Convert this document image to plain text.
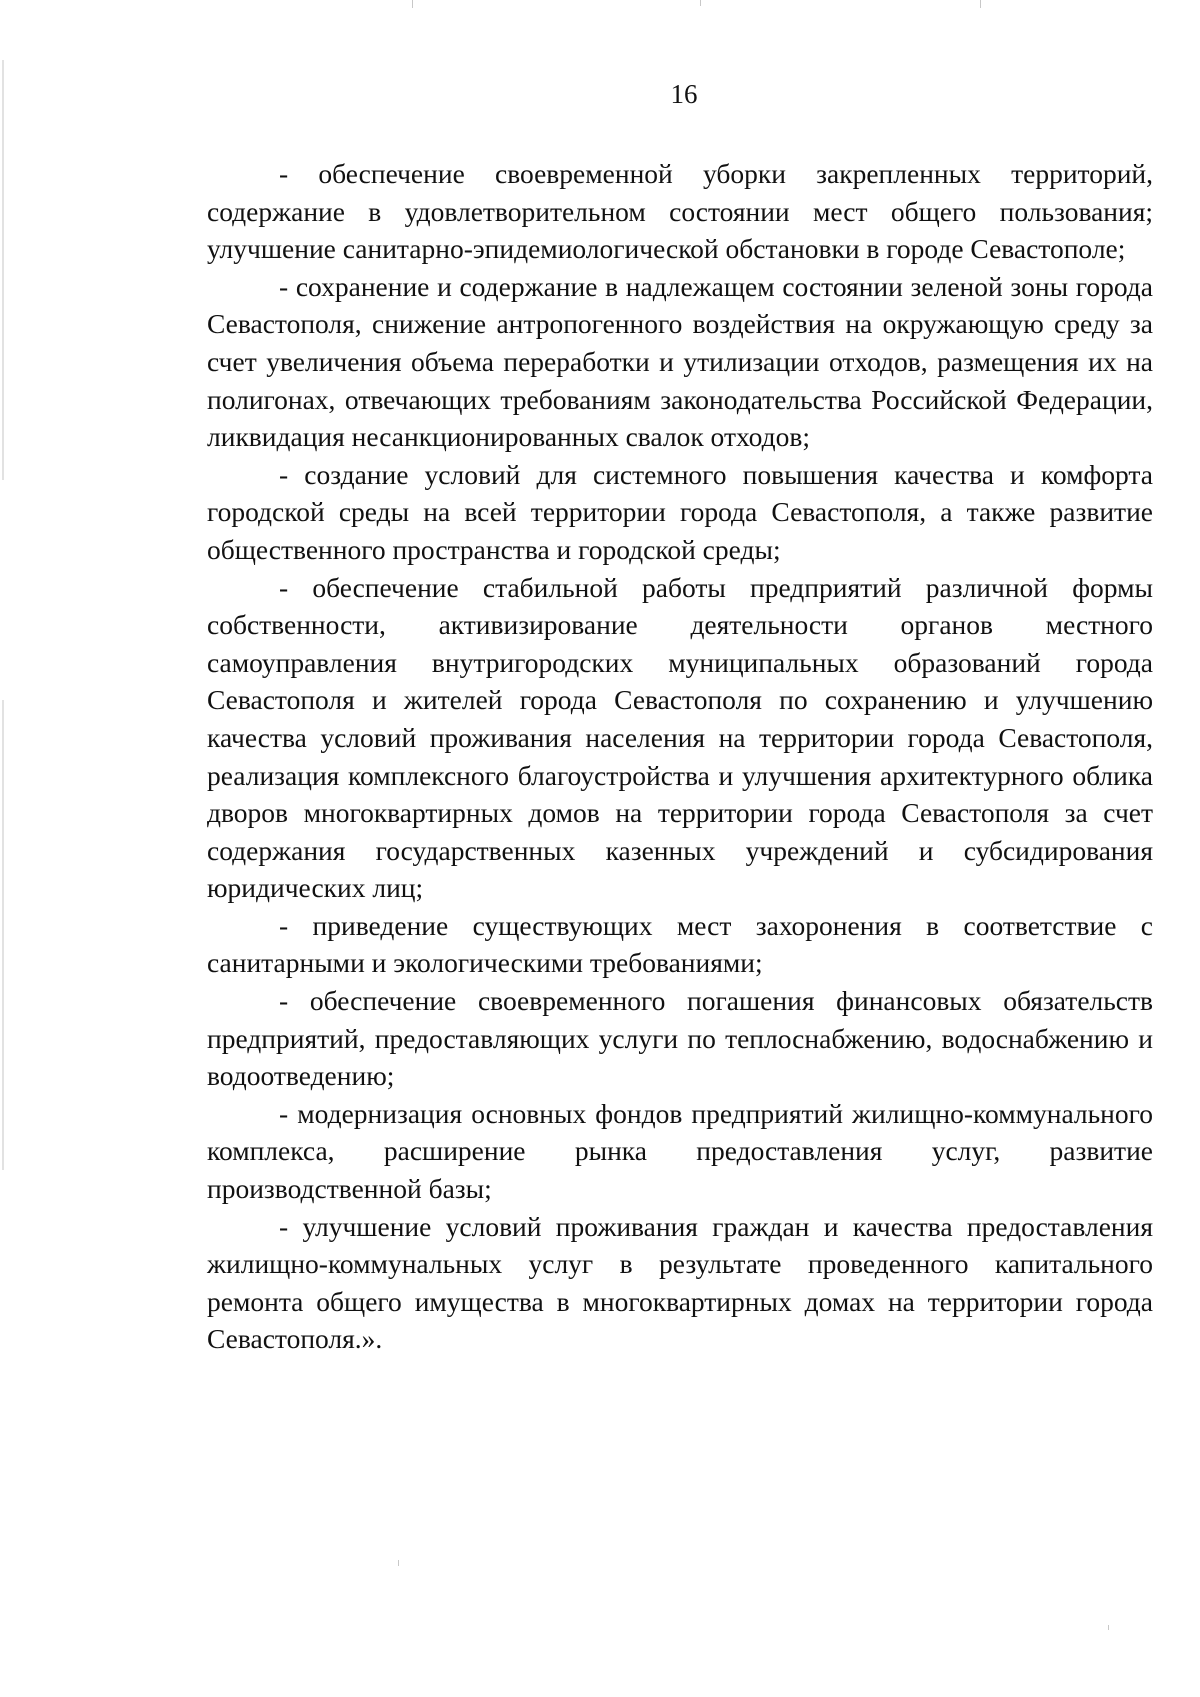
16

- обеспечение своевременной уборки закрепленных территорий, содержание в удовлетворительном состоянии мест общего пользования; улучшение санитарно-эпидемиологической обстановки в городе Севастополе;

- сохранение и содержание в надлежащем состоянии зеленой зоны города Севастополя, снижение антропогенного воздействия на окружающую среду за счет увеличения объема переработки и утилизации отходов, размещения их на полигонах, отвечающих требованиям законодательства Российской Федерации, ликвидация несанкционированных свалок отходов;

- создание условий для системного повышения качества и комфорта городской среды на всей территории города Севастополя, а также развитие общественного пространства и городской среды;

- обеспечение стабильной работы предприятий различной формы собственности, активизирование деятельности органов местного самоуправления внутригородских муниципальных образований города Севастополя и жителей города Севастополя по сохранению и улучшению качества условий проживания населения на территории города Севастополя, реализация комплексного благоустройства и улучшения архитектурного облика дворов многоквартирных домов на территории города Севастополя за счет содержания государственных казенных учреждений и субсидирования юридических лиц;

- приведение существующих мест захоронения в соответствие с санитарными и экологическими требованиями;

- обеспечение своевременного погашения финансовых обязательств предприятий, предоставляющих услуги по теплоснабжению, водоснабжению и водоотведению;

- модернизация основных фондов предприятий жилищно-коммунального комплекса, расширение рынка предоставления услуг, развитие производственной базы;

- улучшение условий проживания граждан и качества предоставления жилищно-коммунальных услуг в результате проведенного капитального ремонта общего имущества в многоквартирных домах на территории города Севастополя.».
